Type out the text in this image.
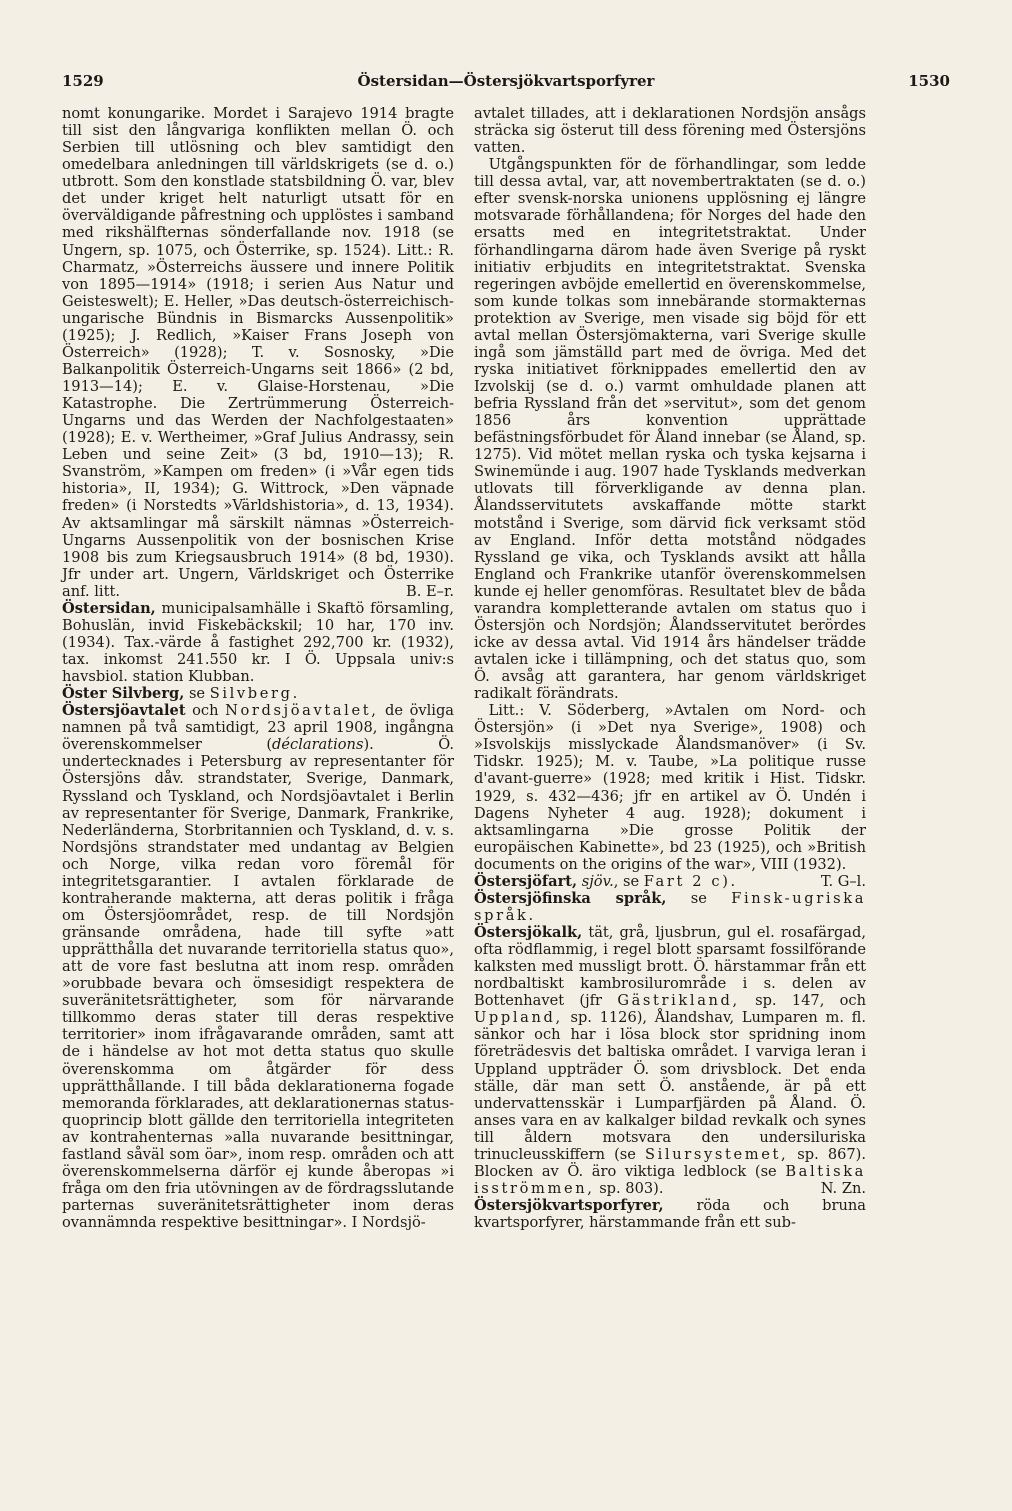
1529	Östersidan—Östersjökvartsporfyrer	1530

nomt konungarike. Mordet i Sarajevo 1914 bragte till sist den långvariga konflikten mellan Ö. och Serbien till utlösning och blev samtidigt den omedelbara anledningen till världskrigets (se d. o.) utbrott. Som den konstlade statsbildning Ö. var, blev det under kriget helt naturligt utsatt för en överväldigande påfrestning och upplöstes i samband med rikshälfternas sönderfallande nov. 1918 (se Ungern, sp. 1075, och Österrike, sp. 1524). Litt.: R. Charmatz, »Österreichs äussere und innere Politik von 1895—1914» (1918; i serien Aus Natur und Geisteswelt); E. Heller, »Das deutsch-österreichisch-ungarische Bündnis in Bismarcks Aussenpolitik» (1925); J. Redlich, »Kaiser Frans Joseph von Österreich» (1928); T. v. Sosnosky, »Die Balkanpolitik Österreich-Ungarns seit 1866» (2 bd, 1913—14); E. v. Glaise-Horstenau, »Die Katastrophe. Die Zertrümmerung Österreich-Ungarns und das Werden der Nachfolgestaaten» (1928); E. v. Wertheimer, »Graf Julius Andrassy, sein Leben und seine Zeit» (3 bd, 1910—13); R. Svanström, »Kampen om freden» (i »Vår egen tids historia», II, 1934); G. Wittrock, »Den väpnade freden» (i Norstedts »Världshistoria», d. 13, 1934). Av aktsamlingar må särskilt nämnas »Österreich-Ungarns Aussenpolitik von der bosnischen Krise 1908 bis zum Kriegsausbruch 1914» (8 bd, 1930). Jfr under art. Ungern, Världskriget och Österrike anf. litt.	B. E–r.

Östersidan, municipalsamhälle i Skaftö församling, Bohuslän, invid Fiskebäckskil; 10 har, 170 inv. (1934). Tax.-värde å fastighet 292,700 kr. (1932), tax. inkomst 241.550 kr. I Ö. Uppsala univ:s havsbiol. station Klubban.

Öster Silvberg, se Silvberg.

Östersjöavtalet och Nordsjöavtalet, de övliga namnen på två samtidigt, 23 april 1908, ingångna överenskommelser (déclarations). Ö. undertecknades i Petersburg av representanter för Östersjöns dåv. strandstater, Sverige, Danmark, Ryssland och Tyskland, och Nordsjöavtalet i Berlin av representanter för Sverige, Danmark, Frankrike, Nederländerna, Storbritannien och Tyskland, d. v. s. Nordsjöns strandstater med undantag av Belgien och Norge, vilka redan voro föremål för integritetsgarantier. I avtalen förklarade de kontraherande makterna, att deras politik i fråga om Östersjöområdet, resp. de till Nordsjön gränsande områdena, hade till syfte »att upprätthålla det nuvarande territoriella status quo», att de vore fast beslutna att inom resp. områden »orubbade bevara och ömsesidigt respektera de suveränitetsrättigheter, som för närvarande tillkommo deras stater till deras respektive territorier» inom ifrågavarande områden, samt att de i händelse av hot mot detta status quo skulle överenskomma om åtgärder för dess upprätthållande. I till båda deklarationerna fogade memoranda förklarades, att deklarationernas status-quoprincip blott gällde den territoriella integriteten av kontrahenternas »alla nuvarande besittningar, fastland såväl som öar», inom resp. områden och att överenskommelserna därför ej kunde åberopas »i fråga om den fria utövningen av de fördragsslutande parternas suveränitetsrättigheter inom deras ovannämnda respektive besittningar». I Nordsjö-

avtalet tillades, att i deklarationen Nordsjön ansågs sträcka sig österut till dess förening med Östersjöns vatten.

Utgångspunkten för de förhandlingar, som ledde till dessa avtal, var, att novembertraktaten (se d. o.) efter svensk-norska unionens upplösning ej längre motsvarade förhållandena; för Norges del hade den ersatts med en integritetstraktat. Under förhandlingarna därom hade även Sverige på ryskt initiativ erbjudits en integritetstraktat. Svenska regeringen avböjde emellertid en överenskommelse, som kunde tolkas som innebärande stormakternas protektion av Sverige, men visade sig böjd för ett avtal mellan Östersjömakterna, vari Sverige skulle ingå som jämställd part med de övriga. Med det ryska initiativet förknippades emellertid den av Izvolskij (se d. o.) varmt omhuldade planen att befria Ryssland från det »servitut», som det genom 1856 års konvention upprättade befästningsförbudet för Åland innebar (se Åland, sp. 1275). Vid mötet mellan ryska och tyska kejsarna i Swinemünde i aug. 1907 hade Tysklands medverkan utlovats till förverkligande av denna plan. Ålandsservitutets avskaffande mötte starkt motstånd i Sverige, som därvid fick verksamt stöd av England. Inför detta motstånd nödgades Ryssland ge vika, och Tysklands avsikt att hålla England och Frankrike utanför överenskommelsen kunde ej heller genomföras. Resultatet blev de båda varandra kompletterande avtalen om status quo i Östersjön och Nordsjön; Ålandsservitutet berördes icke av dessa avtal. Vid 1914 års händelser trädde avtalen icke i tillämpning, och det status quo, som Ö. avsåg att garantera, har genom världskriget radikalt förändrats.

Litt.: V. Söderberg, »Avtalen om Nord- och Östersjön» (i »Det nya Sverige», 1908) och »Isvolskijs misslyckade Ålandsmanöver» (i Sv. Tidskr. 1925); M. v. Taube, »La politique russe d'avant-guerre» (1928; med kritik i Hist. Tidskr. 1929, s. 432—436; jfr en artikel av Ö. Undén i Dagens Nyheter 4 aug. 1928); dokument i aktsamlingarna »Die grosse Politik der europäischen Kabinette», bd 23 (1925), och »British documents on the origins of the war», VIII (1932).
T. G–l.

Östersjöfart, sjöv., se Fart 2 c).

Östersjöfinska språk, se Finsk-ugriska språk.

Östersjökalk, tät, grå, ljusbrun, gul el. rosafärgad, ofta rödflammig, i regel blott sparsamt fossilförande kalksten med mussligt brott. Ö. härstammar från ett nordbaltiskt kambrosilurområde i s. delen av Bottenhavet (jfr Gästrikland, sp. 147, och Uppland, sp. 1126), Ålandshav, Lumparen m. fl. sänkor och har i lösa block stor spridning inom företrädesvis det baltiska området. I varviga leran i Uppland uppträder Ö. som drivsblock. Det enda ställe, där man sett Ö. anstående, är på ett undervattensskär i Lumparfjärden på Åland. Ö. anses vara en av kalkalger bildad revkalk och synes till åldern motsvara den undersiluriska trinucleusskiffern (se Silursystemet, sp. 867). Blocken av Ö. äro viktiga ledblock (se Baltiska isströmmen, sp. 803).	N. Zn.

Östersjökvartsporfyrer, röda och bruna kvartsporfyrer, härstammande från ett sub-
